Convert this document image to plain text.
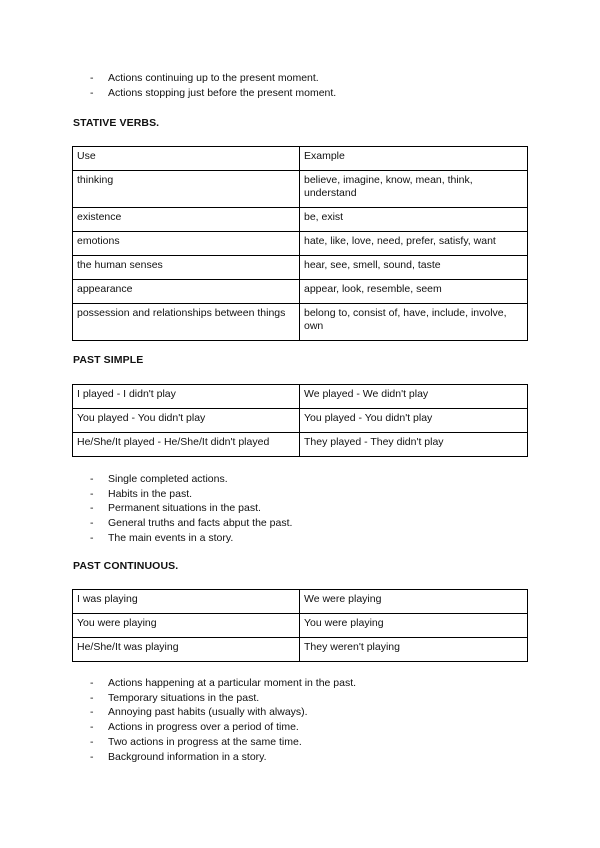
- Actions continuing up to the present moment.
- Actions stopping just before the present moment.
STATIVE VERBS.
Use	Example
thinking	believe, imagine, know, mean, think, understand
existence	be, exist
emotions	hate, like, love, need, prefer, satisfy, want
the human senses	hear, see, smell, sound, taste
appearance	appear, look, resemble, seem
possession and relationships between things	belong to, consist of, have, include, involve, own
PAST SIMPLE
I played - I didn't play	We played - We didn't play
You played - You didn't play	You played - You didn't play
He/She/It played - He/She/It didn't played	They played - They didn't play
- Single completed actions.
- Habits in the past.
- Permanent situations in the past.
- General truths and facts abput the past.
- The main events in a story.
PAST CONTINUOUS.
I was playing	We were playing
You were playing	You were playing
He/She/It was playing	They weren't playing
- Actions happening at a particular moment in the past.
- Temporary situations in the past.
- Annoying past habits (usually with always).
- Actions in progress over a period of time.
- Two actions in progress at the same time.
- Background information in a story.
